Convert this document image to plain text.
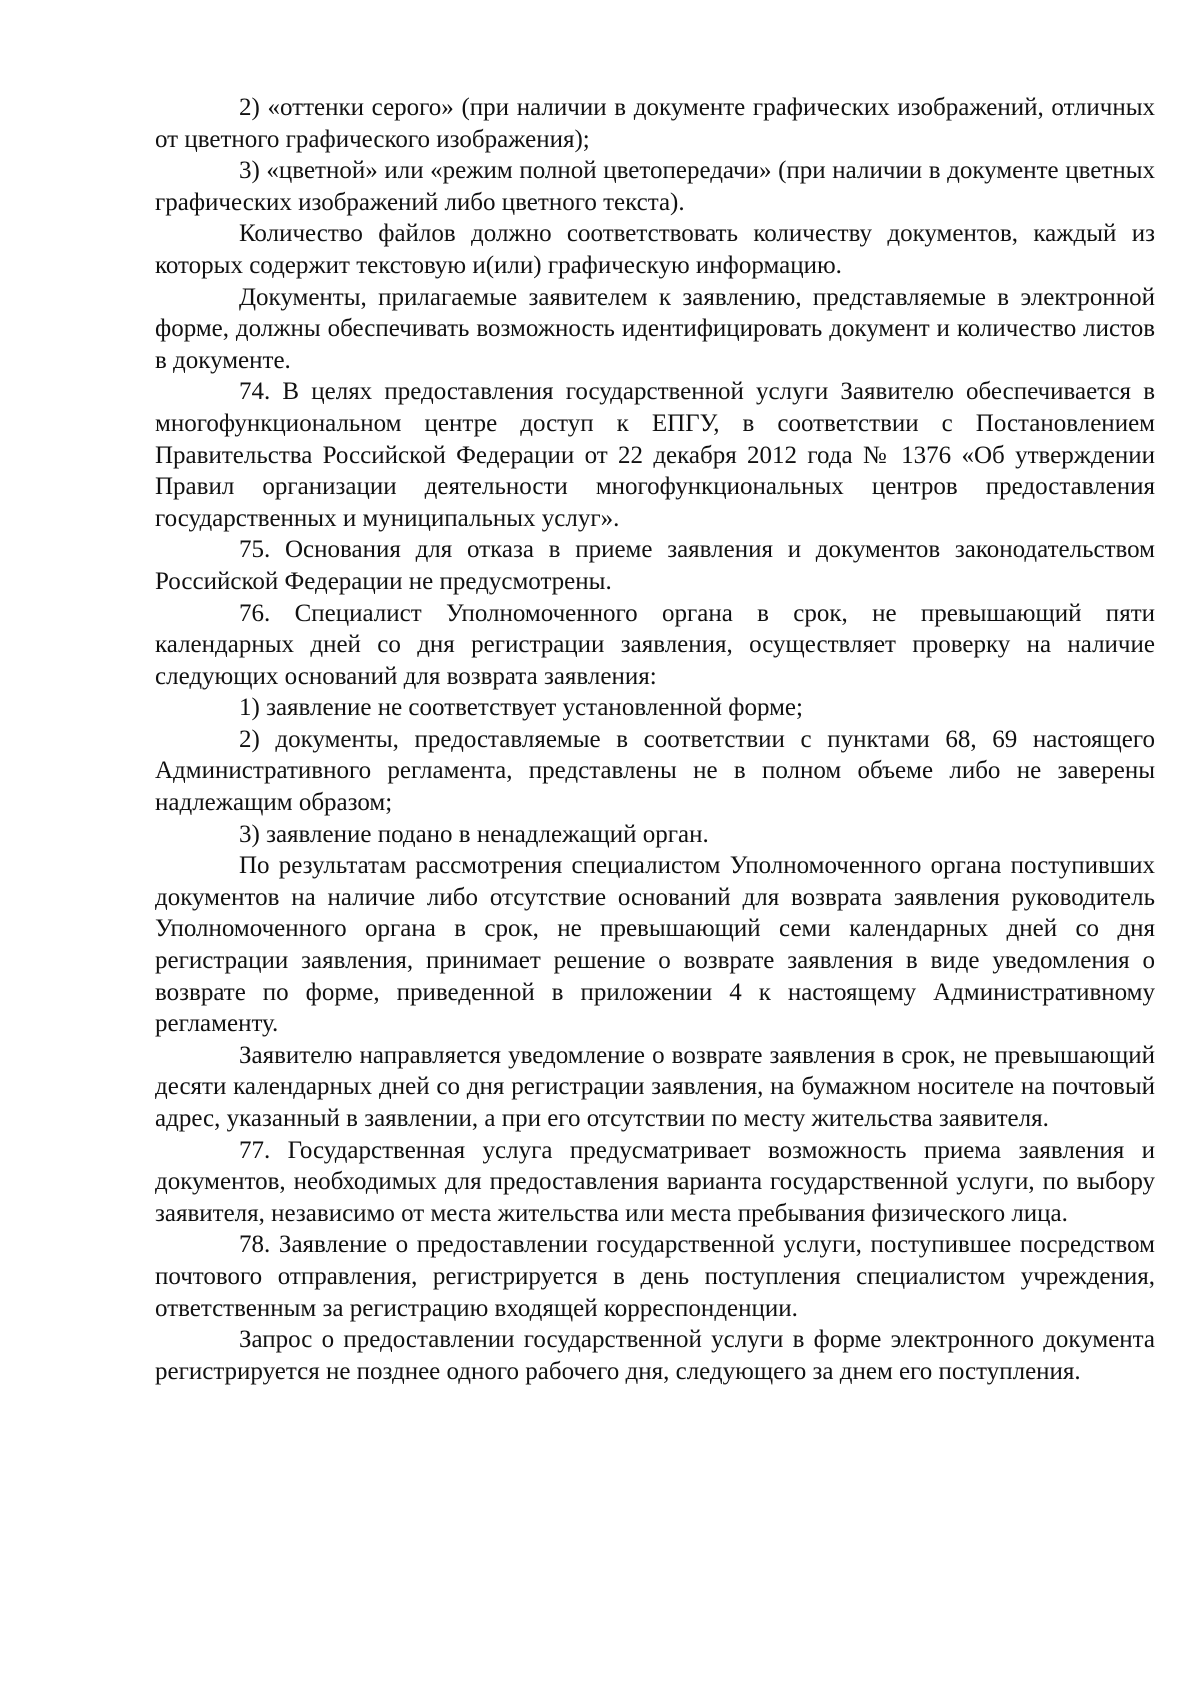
2) «оттенки серого» (при наличии в документе графических изображений, отличных от цветного графического изображения);

3) «цветной» или «режим полной цветопередачи» (при наличии в документе цветных графических изображений либо цветного текста).

Количество файлов должно соответствовать количеству документов, каждый из которых содержит текстовую и(или) графическую информацию.

Документы, прилагаемые заявителем к заявлению, представляемые в электронной форме, должны обеспечивать возможность идентифицировать документ и количество листов в документе.

74. В целях предоставления государственной услуги Заявителю обеспечивается в многофункциональном центре доступ к ЕПГУ, в соответствии с Постановлением Правительства Российской Федерации от 22 декабря 2012 года № 1376 «Об утверждении Правил организации деятельности многофункциональных центров предоставления государственных и муниципальных услуг».

75. Основания для отказа в приеме заявления и документов законодательством Российской Федерации не предусмотрены.

76. Специалист Уполномоченного органа в срок, не превышающий пяти календарных дней со дня регистрации заявления, осуществляет проверку на наличие следующих оснований для возврата заявления:

1) заявление не соответствует установленной форме;

2) документы, предоставляемые в соответствии с пунктами 68, 69 настоящего Административного регламента, представлены не в полном объеме либо не заверены надлежащим образом;

3) заявление подано в ненадлежащий орган.

По результатам рассмотрения специалистом Уполномоченного органа поступивших документов на наличие либо отсутствие оснований для возврата заявления руководитель Уполномоченного органа в срок, не превышающий семи календарных дней со дня регистрации заявления, принимает решение о возврате заявления в виде уведомления о возврате по форме, приведенной в приложении 4 к настоящему Административному регламенту.

Заявителю направляется уведомление о возврате заявления в срок, не превышающий десяти календарных дней со дня регистрации заявления, на бумажном носителе на почтовый адрес, указанный в заявлении, а при его отсутствии по месту жительства заявителя.

77. Государственная услуга предусматривает возможность приема заявления и документов, необходимых для предоставления варианта государственной услуги, по выбору заявителя, независимо от места жительства или места пребывания физического лица.

78. Заявление о предоставлении государственной услуги, поступившее посредством почтового отправления, регистрируется в день поступления специалистом учреждения, ответственным за регистрацию входящей корреспонденции.

Запрос о предоставлении государственной услуги в форме электронного документа регистрируется не позднее одного рабочего дня, следующего за днем его поступления.
